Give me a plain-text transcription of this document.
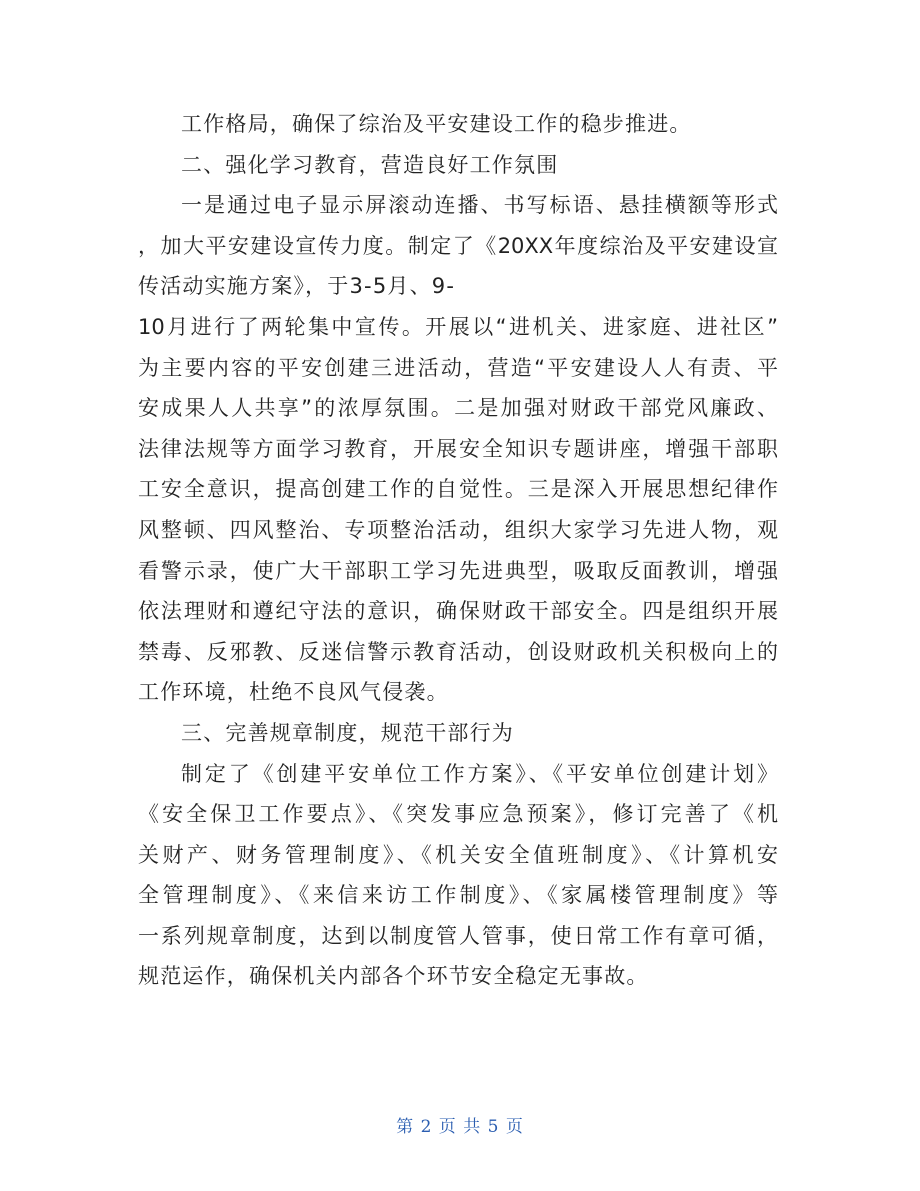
工作格局，确保了综治及平安建设工作的稳步推进。
二、强化学习教育，营造良好工作氛围
一是通过电子显示屏滚动连播、书写标语、悬挂横额等形式
，加大平安建设宣传力度。制定了《20XX年度综治及平安建设宣
传活动实施方案》，于3-5月、9-
10月进行了两轮集中宣传。开展以“进机关、进家庭、进社区”
为主要内容的平安创建三进活动，营造“平安建设人人有责、平
安成果人人共享”的浓厚氛围。二是加强对财政干部党风廉政、
法律法规等方面学习教育，开展安全知识专题讲座，增强干部职
工安全意识，提高创建工作的自觉性。三是深入开展思想纪律作
风整顿、四风整治、专项整治活动，组织大家学习先进人物，观
看警示录，使广大干部职工学习先进典型，吸取反面教训，增强
依法理财和遵纪守法的意识，确保财政干部安全。四是组织开展
禁毒、反邪教、反迷信警示教育活动，创设财政机关积极向上的
工作环境，杜绝不良风气侵袭。
三、完善规章制度，规范干部行为
制定了《创建平安单位工作方案》、《平安单位创建计划》
《安全保卫工作要点》、《突发事应急预案》，修订完善了《机
关财产、财务管理制度》、《机关安全值班制度》、《计算机安
全管理制度》、《来信来访工作制度》、《家属楼管理制度》等
一系列规章制度，达到以制度管人管事，使日常工作有章可循，
规范运作，确保机关内部各个环节安全稳定无事故。
第 2 页 共 5 页
